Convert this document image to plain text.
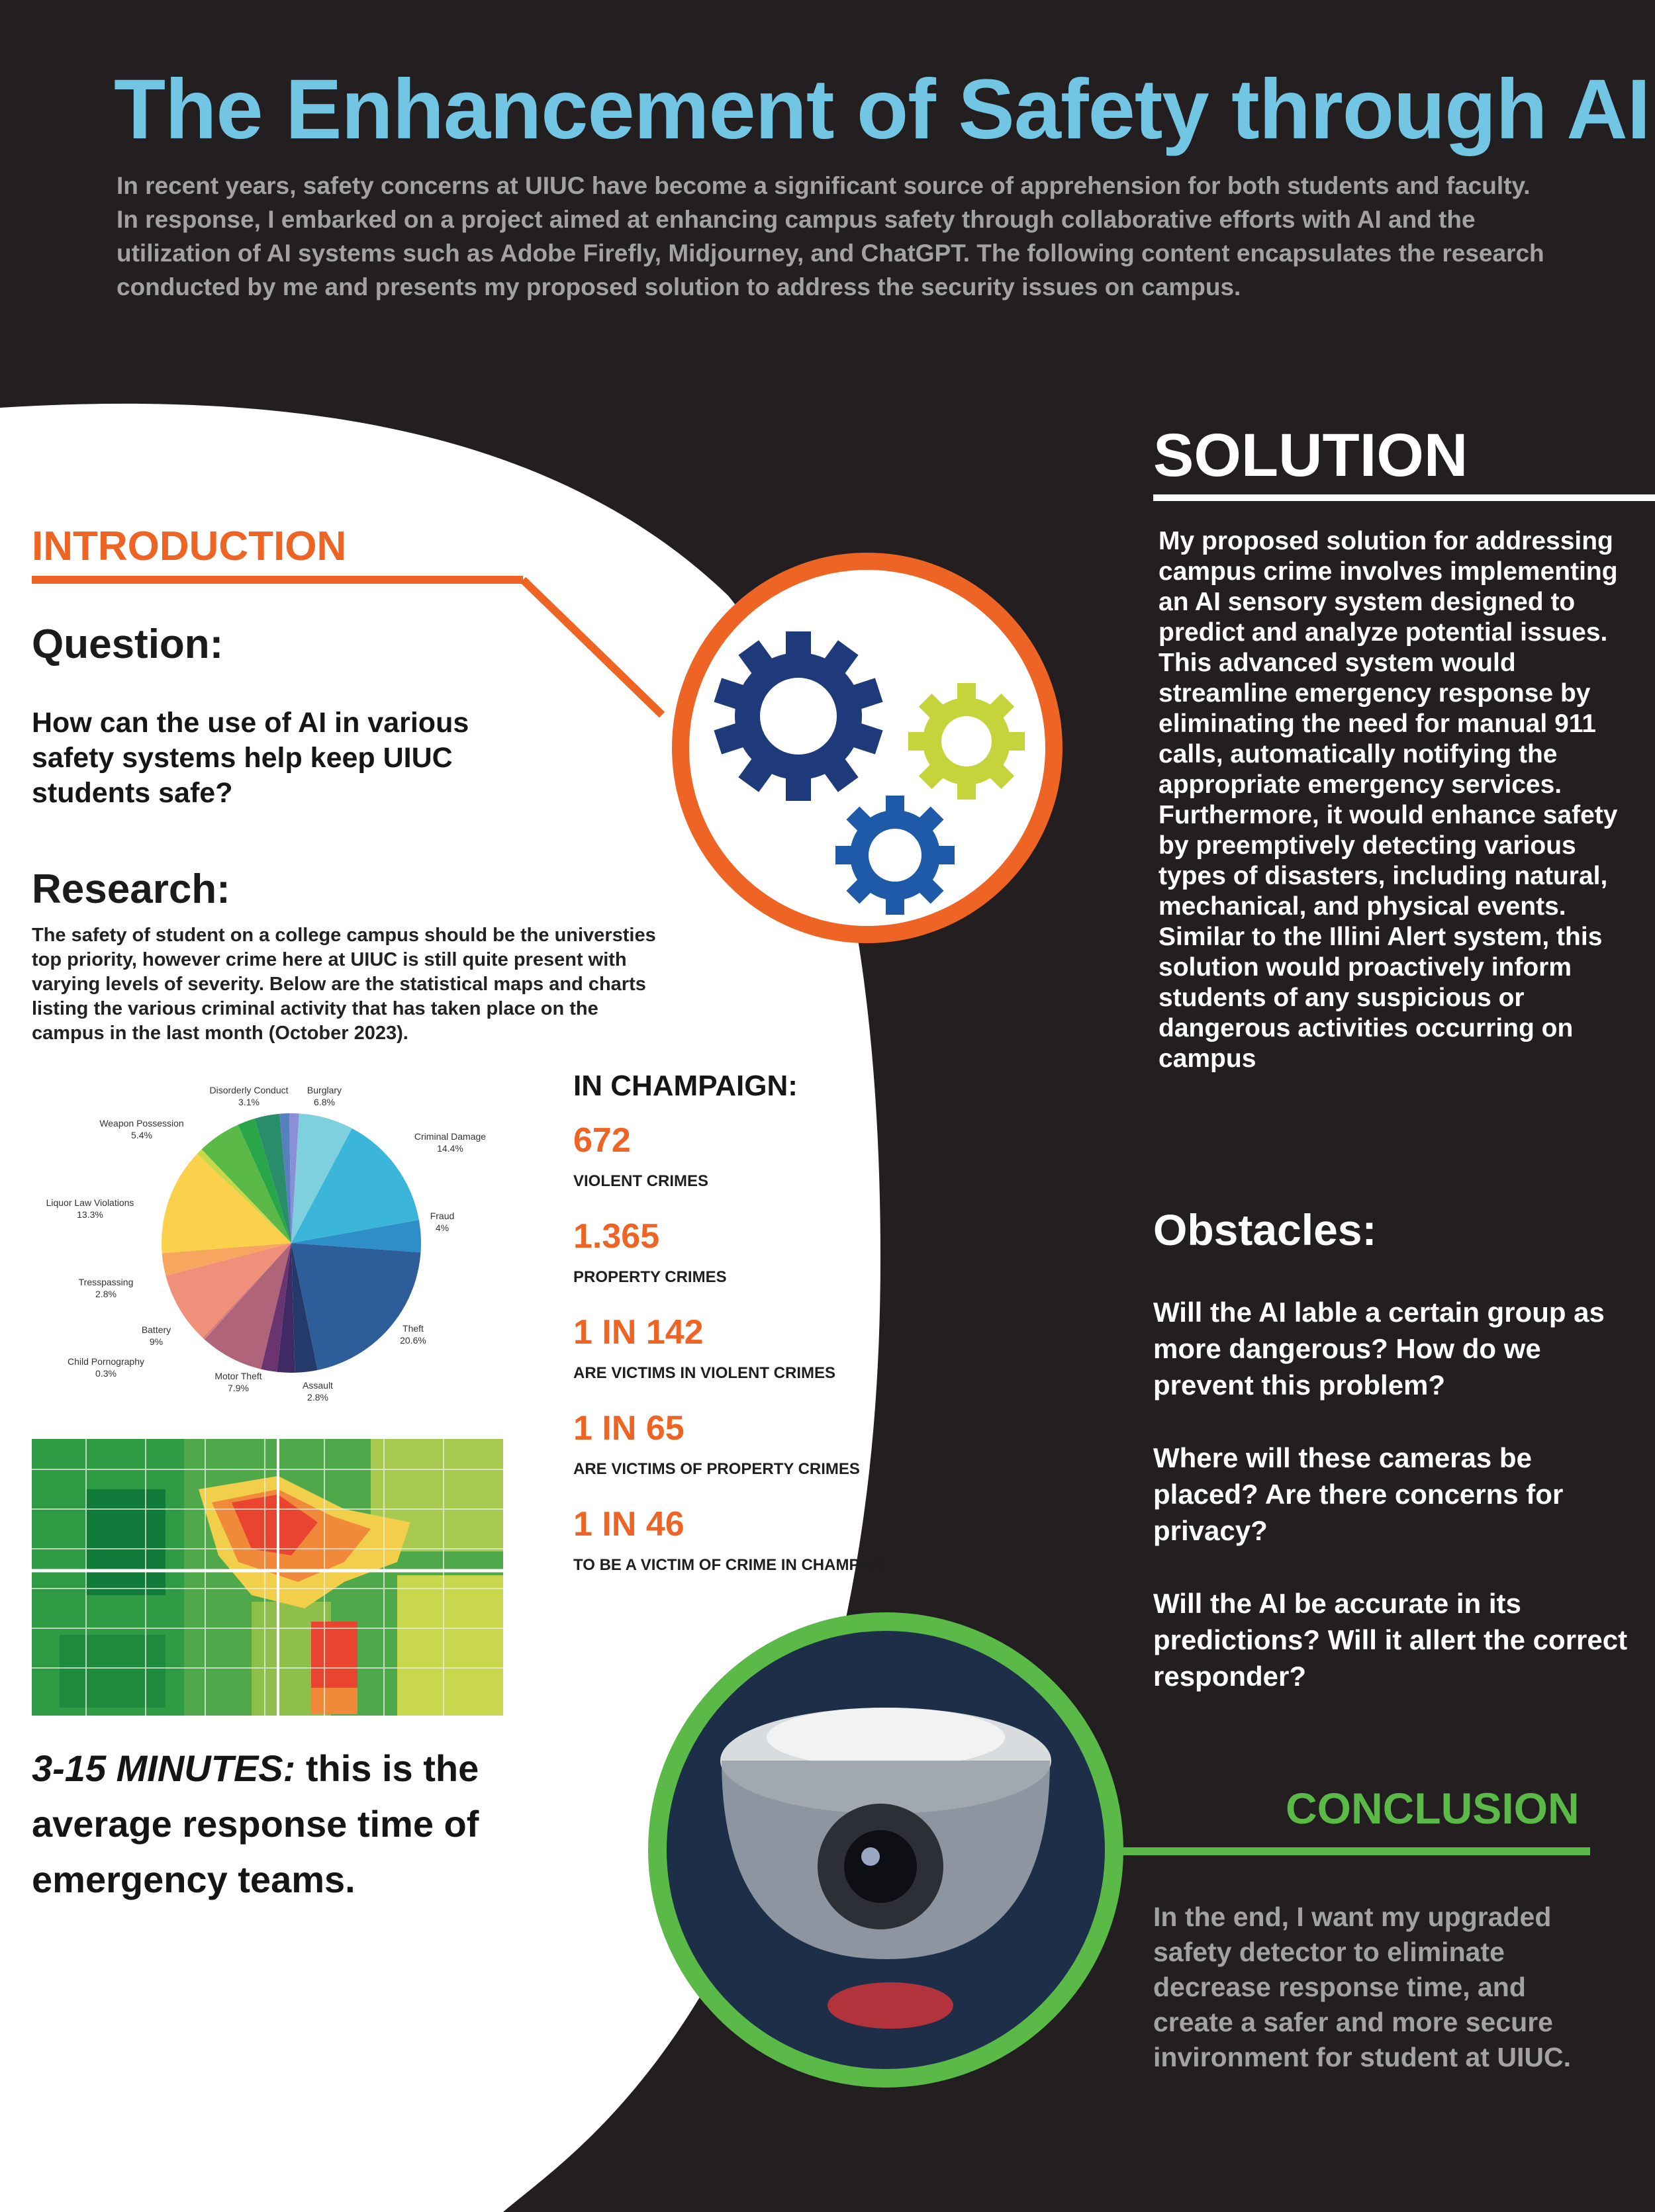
Burglary
6.8%
Criminal Damage
14.4%
Fraud
4%
Theft
20.6%
Assault
2.8%
Motor Theft
7.9%
Child Pornography
0.3%
Battery
9%
Tresspassing
2.8%
Liquor Law Violations
13.3%
Weapon Possession
5.4%
Disorderly Conduct
3.1%
The Enhancement of Safety through AI
In recent years, safety concerns at UIUC have become a significant source of apprehension for both students and faculty. In response, I embarked on a project aimed at enhancing campus safety through collaborative efforts with AI and the utilization of AI systems such as Adobe Firefly, Midjourney, and ChatGPT. The following content encapsulates the research conducted by me and presents my proposed solution to address the security issues on campus.
INTRODUCTION
Question:
How can the use of AI in various safety systems help keep UIUC students safe?
Research:
The safety of student on a college campus should be the universties top priority, however crime here at UIUC is still quite present with varying levels of severity. Below are the statistical maps and charts listing the various criminal activity that has taken place on the campus in the last month (October 2023).
IN CHAMPAIGN:
672
VIOLENT CRIMES
1.365
PROPERTY CRIMES
1 IN 142
ARE VICTIMS IN VIOLENT CRIMES
1 IN 65
ARE VICTIMS OF PROPERTY CRIMES
1 IN 46
TO BE A VICTIM OF CRIME IN CHAMPAIG.
3-15 MINUTES: this is the average response time of emergency teams.
SOLUTION
My proposed solution for addressing campus crime involves implementing an AI sensory system designed to predict and analyze potential issues. This advanced system would streamline emergency response by eliminating the need for manual 911 calls, automatically notifying the appropriate emergency services. Furthermore, it would enhance safety by preemptively detecting various types of disasters, including natural, mechanical, and physical events. Similar to the Illini Alert system, this solution would proactively inform students of any suspicious or dangerous activities occurring on campus
Obstacles:
Will the AI lable a certain group as more dangerous? How do we prevent this problem?
Where will these cameras be placed? Are there concerns for privacy?
Will the AI be accurate in its predictions? Will it allert the correct responder?
CONCLUSION
In the end, I want my upgraded safety detector to eliminate decrease response time, and create a safer and more secure invironment for student at UIUC.
